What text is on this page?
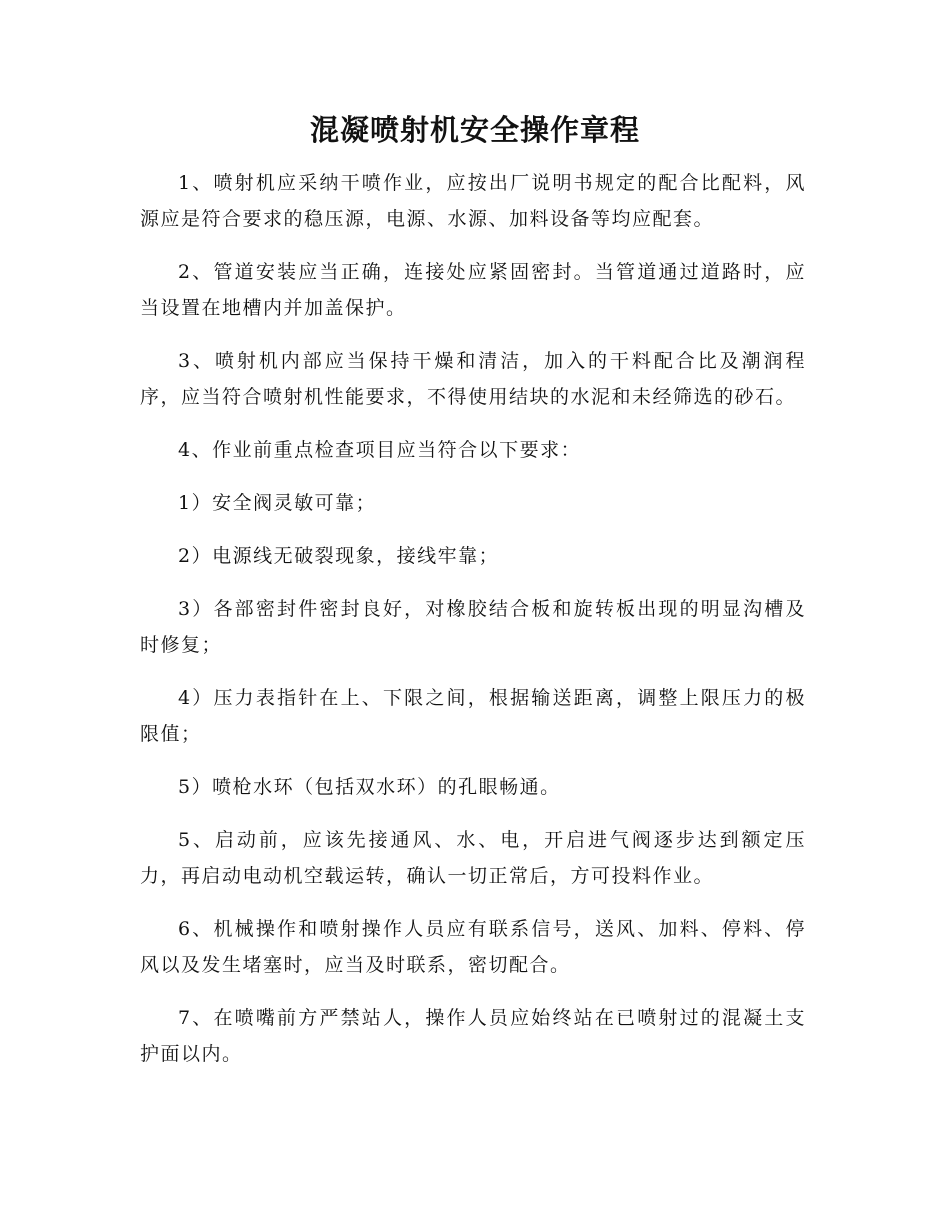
混凝喷射机安全操作章程

1、喷射机应采纳干喷作业，应按出厂说明书规定的配合比配料，风源应是符合要求的稳压源，电源、水源、加料设备等均应配套。

2、管道安装应当正确，连接处应紧固密封。当管道通过道路时，应当设置在地槽内并加盖保护。

3、喷射机内部应当保持干燥和清洁，加入的干料配合比及潮润程序，应当符合喷射机性能要求，不得使用结块的水泥和未经筛选的砂石。

4、作业前重点检查项目应当符合以下要求：

1）安全阀灵敏可靠；

2）电源线无破裂现象，接线牢靠；

3）各部密封件密封良好，对橡胶结合板和旋转板出现的明显沟槽及时修复；

4）压力表指针在上、下限之间，根据输送距离，调整上限压力的极限值；

5）喷枪水环（包括双水环）的孔眼畅通。

5、启动前，应该先接通风、水、电，开启进气阀逐步达到额定压力，再启动电动机空载运转，确认一切正常后，方可投料作业。

6、机械操作和喷射操作人员应有联系信号，送风、加料、停料、停风以及发生堵塞时，应当及时联系，密切配合。

7、在喷嘴前方严禁站人，操作人员应始终站在已喷射过的混凝土支护面以内。
